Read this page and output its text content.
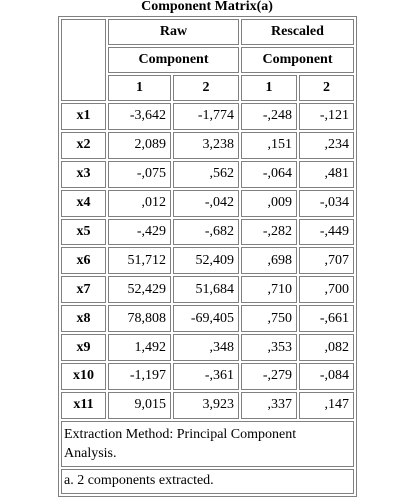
Component Matrix(a)
	Raw		Rescaled	
	Component		Component	
	1	2	1	2
x1	-3,642	-1,774	-,248	-,121
x2	2,089	3,238	,151	,234
x3	-,075	,562	-,064	,481
x4	,012	-,042	,009	-,034
x5	-,429	-,682	-,282	-,449
x6	51,712	52,409	,698	,707
x7	52,429	51,684	,710	,700
x8	78,808	-69,405	,750	-,661
x9	1,492	,348	,353	,082
x10	-1,197	-,361	-,279	-,084
x11	9,015	3,923	,337	,147
Extraction Method: Principal Component Analysis.				
a. 2 components extracted.				
